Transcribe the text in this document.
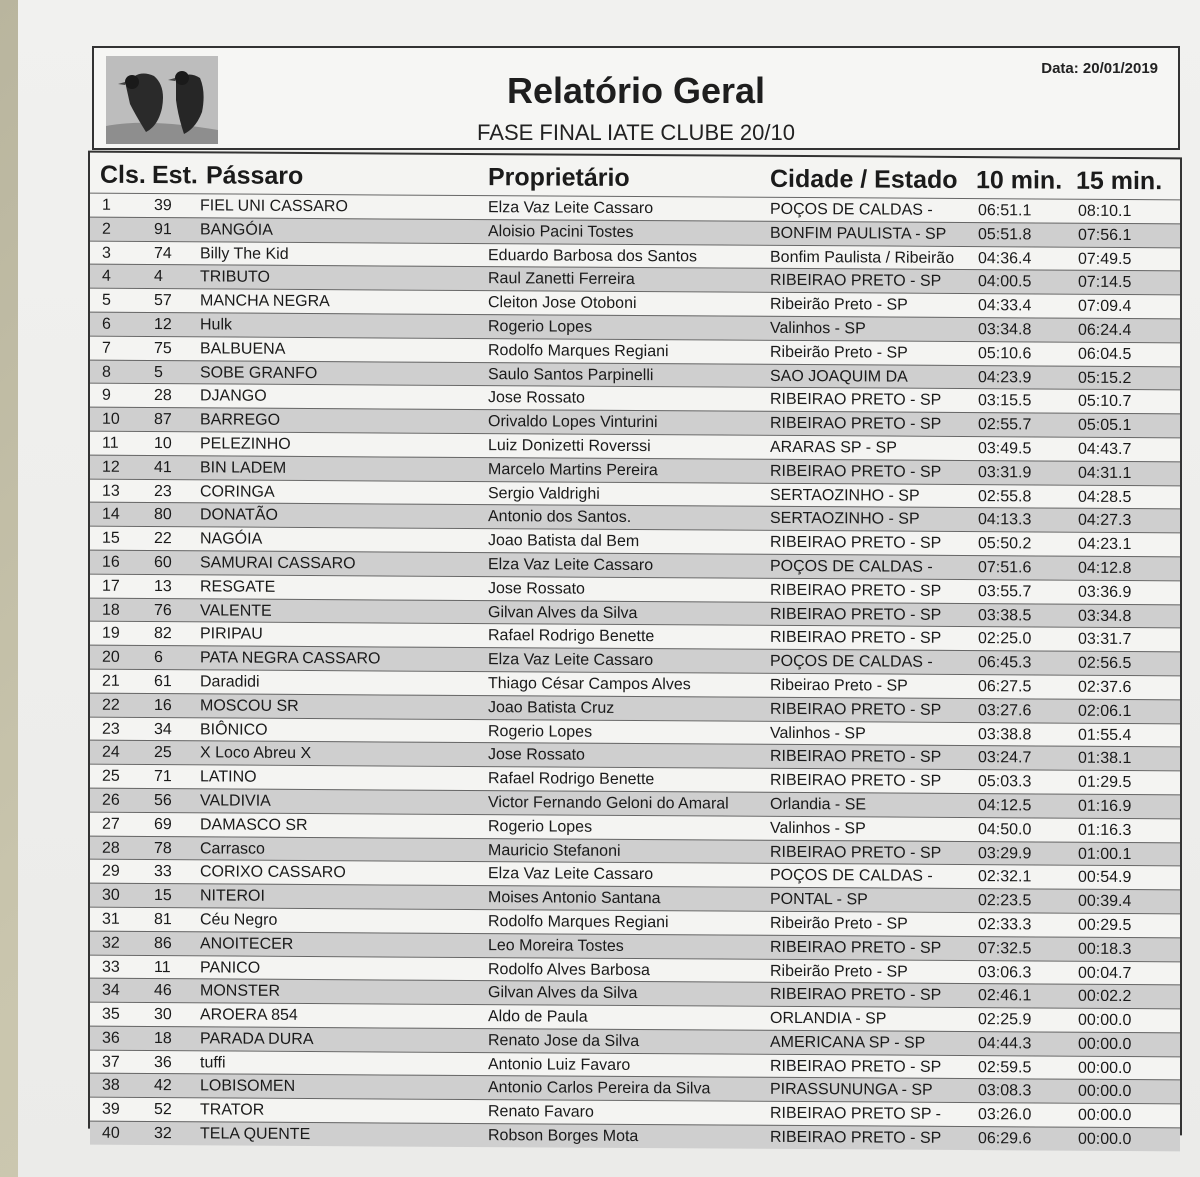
Relatório Geral
FASE FINAL IATE CLUBE 20/10
Data: 20/01/2019
Cls. Est. Pássaro	Proprietário	Cidade / Estado 10 min. 15 min.
1	39 FIEL UNI CASSARO	Elza Vaz Leite Cassaro	POÇOS DE CALDAS -	06:51.1	08:10.1
2	91 BANGÓIA	Aloisio Pacini Tostes	BONFIM PAULISTA - SP 05:51.8	07:56.1
3	74 Billy The Kid	Eduardo Barbosa dos Santos	Bonfim Paulista / Ribeirão 04:36.4	07:49.5
4	4 TRIBUTO	Raul Zanetti Ferreira	RIBEIRAO PRETO - SP 04:00.5	07:14.5
5	57 MANCHA NEGRA	Cleiton Jose Otoboni	Ribeirão Preto - SP	04:33.4	07:09.4
6	12 Hulk	Rogerio Lopes	Valinhos - SP	03:34.8	06:24.4
7	75 BALBUENA	Rodolfo Marques Regiani	Ribeirão Preto - SP	05:10.6	06:04.5
8	5 SOBE GRANFO	Saulo Santos Parpinelli	SAO JOAQUIM DA	04:23.9	05:15.2
9	28 DJANGO	Jose Rossato	RIBEIRAO PRETO - SP 03:15.5	05:10.7
10 87 BARREGO	Orivaldo Lopes Vinturini	RIBEIRAO PRETO - SP 02:55.7	05:05.1
11 10 PELEZINHO	Luiz Donizetti Roverssi	ARARAS SP - SP	03:49.5	04:43.7
12 41 BIN LADEM	Marcelo Martins Pereira	RIBEIRAO PRETO - SP 03:31.9	04:31.1
13 23 CORINGA	Sergio Valdrighi	SERTAOZINHO - SP	02:55.8	04:28.5
14 80 DONATÃO	Antonio dos Santos.	SERTAOZINHO - SP	04:13.3	04:27.3
15 22 NAGÓIA	Joao Batista dal Bem	RIBEIRAO PRETO - SP 05:50.2	04:23.1
16 60 SAMURAI CASSARO	Elza Vaz Leite Cassaro	POÇOS DE CALDAS -	07:51.6	04:12.8
17 13 RESGATE	Jose Rossato	RIBEIRAO PRETO - SP 03:55.7	03:36.9
18 76 VALENTE	Gilvan Alves da Silva	RIBEIRAO PRETO - SP 03:38.5	03:34.8
19 82 PIRIPAU	Rafael Rodrigo Benette	RIBEIRAO PRETO - SP 02:25.0	03:31.7
20 6 PATA NEGRA CASSARO	Elza Vaz Leite Cassaro	POÇOS DE CALDAS -	06:45.3	02:56.5
21 61 Daradidi	Thiago César Campos Alves	Ribeirao Preto - SP	06:27.5	02:37.6
22 16 MOSCOU SR	Joao Batista Cruz	RIBEIRAO PRETO - SP 03:27.6	02:06.1
23 34 BIÔNICO	Rogerio Lopes	Valinhos - SP	03:38.8	01:55.4
24 25 X Loco Abreu X	Jose Rossato	RIBEIRAO PRETO - SP 03:24.7	01:38.1
25 71 LATINO	Rafael Rodrigo Benette	RIBEIRAO PRETO - SP 05:03.3	01:29.5
26 56 VALDIVIA	Victor Fernando Geloni do Amaral	Orlandia - SE	04:12.5	01:16.9
27 69 DAMASCO SR	Rogerio Lopes	Valinhos - SP	04:50.0	01:16.3
28 78 Carrasco	Mauricio Stefanoni	RIBEIRAO PRETO - SP 03:29.9	01:00.1
29 33 CORIXO CASSARO	Elza Vaz Leite Cassaro	POÇOS DE CALDAS -	02:32.1	00:54.9
30 15 NITEROI	Moises Antonio Santana	PONTAL - SP	02:23.5	00:39.4
31 81 Céu Negro	Rodolfo Marques Regiani	Ribeirão Preto - SP	02:33.3	00:29.5
32 86 ANOITECER	Leo Moreira Tostes	RIBEIRAO PRETO - SP 07:32.5	00:18.3
33 11 PANICO	Rodolfo Alves Barbosa	Ribeirão Preto - SP	03:06.3	00:04.7
34 46 MONSTER	Gilvan Alves da Silva	RIBEIRAO PRETO - SP 02:46.1	00:02.2
35 30 AROERA 854	Aldo de Paula	ORLANDIA - SP	02:25.9	00:00.0
36 18 PARADA DURA	Renato Jose da Silva	AMERICANA SP - SP	04:44.3	00:00.0
37 36 tuffi	Antonio Luiz Favaro	RIBEIRAO PRETO - SP 02:59.5	00:00.0
38 42 LOBISOMEN	Antonio Carlos Pereira da Silva	PIRASSUNUNGA - SP	03:08.3	00:00.0
39 52 TRATOR	Renato Favaro	RIBEIRAO PRETO SP - 03:26.0	00:00.0
40 32 TELA QUENTE	Robson Borges Mota	RIBEIRAO PRETO - SP 06:29.6	00:00.0
